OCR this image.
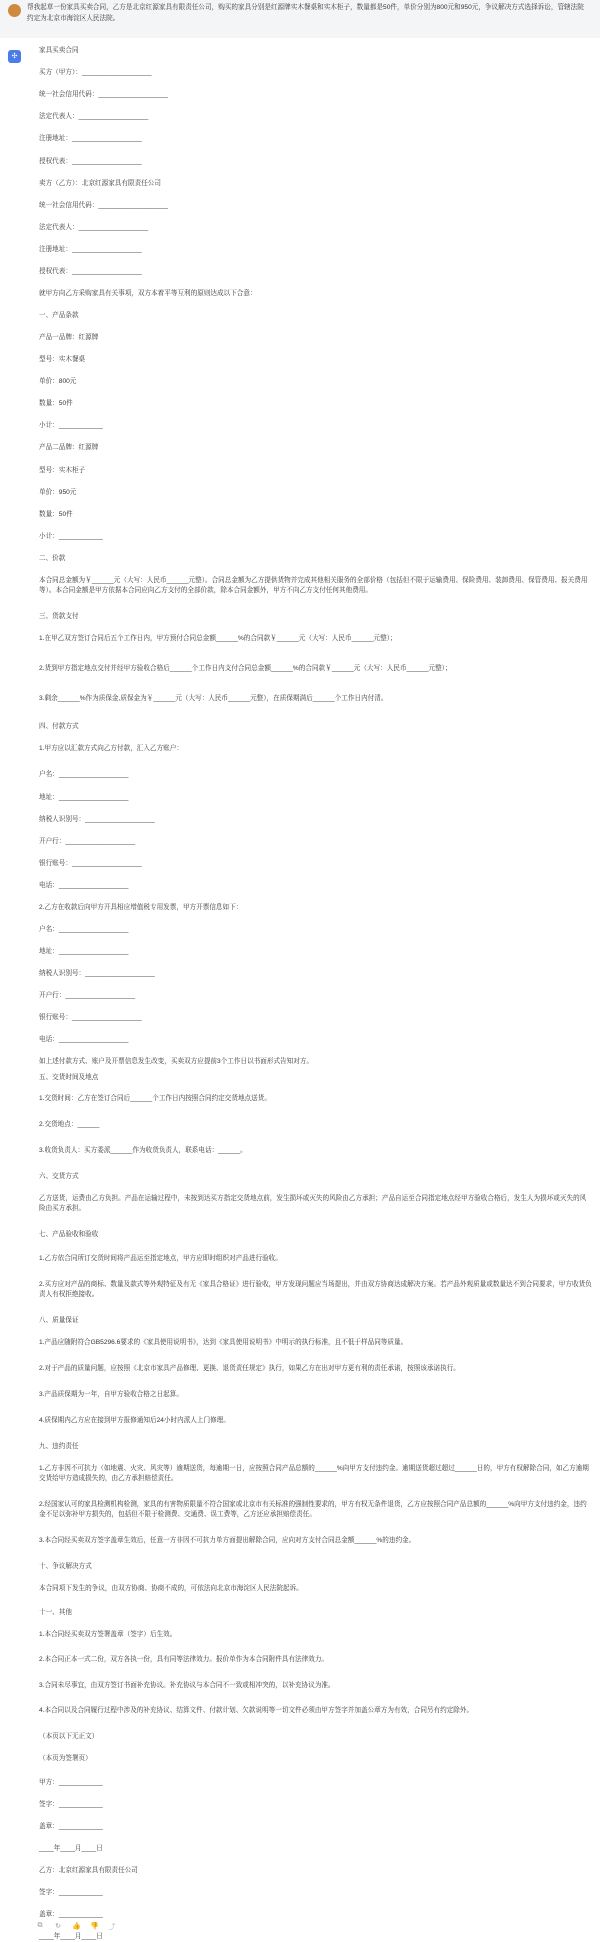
帮我起草一份家具买卖合同，乙方是北京红源家具有限责任公司，购买的家具分别是红源牌实木餐桌和实木柜子，数量都是50件，单价分别为800元和950元，争议解决方式选择诉讼，管辖法院约定为北京市海淀区人民法院。
✣

家具买卖合同

买方（甲方）：___________________

统一社会信用代码：___________________

法定代表人：___________________

注册地址：___________________

授权代表：___________________

卖方（乙方）：北京红源家具有限责任公司

统一社会信用代码：___________________

法定代表人：___________________

注册地址：___________________

授权代表：___________________

就甲方向乙方采购家具有关事项，双方本着平等互利的原则达成以下合意：

一、产品条款

产品一品牌：红源牌

型号：实木餐桌

单价：800元

数量：50件

小计：____________

产品二品牌：红源牌

型号：实木柜子

单价：950元

数量：50件

小计：____________

二、价款

本合同总金额为￥______元（大写：人民币______元整）。合同总金额为乙方提供货物并完成其他相关服务的全部价格（包括但不限于运输费用、保险费用、装卸费用、保管费用、报关费用等）。本合同金额是甲方依据本合同应向乙方支付的全部价款，除本合同金额外，甲方不向乙方支付任何其他费用。

三、货款支付

1.在甲乙双方签订合同后五个工作日内，甲方预付合同总金额______%的合同款￥______元（大写：人民币______元整）；

2.货到甲方指定地点交付并经甲方验收合格后______个工作日内支付合同总金额______%的合同款￥______元（大写：人民币______元整）；

3.剩余______%作为质保金,质保金为￥______元（大写：人民币______元整），在质保期满后______个工作日内付清。

四、付款方式

1.甲方应以汇款方式向乙方付款，汇入乙方账户：

户名：___________________

地址：___________________

纳税人识别号：___________________

开户行：___________________

银行账号：___________________

电话：___________________

2.乙方在收款后向甲方开具相应增值税专用发票，甲方开票信息如下：

户名：___________________

地址：___________________

纳税人识别号：___________________

开户行：___________________

银行账号：___________________

电话：___________________

如上述付款方式、账户及开票信息发生改变，买卖双方应提前3个工作日以书面形式告知对方。

五、交货时间及地点

1.交货时间：乙方在签订合同后______个工作日内按照合同约定交货地点送货。

2.交货地点：______

3.收货负责人：买方委派______作为收货负责人，联系电话：______。

六、交货方式

乙方送货，运费由乙方负担。产品在运输过程中，未按到达买方指定交货地点前，发生损坏或灭失的风险由乙方承担；产品自运至合同指定地点经甲方验收合格后，发生人为损坏或灭失的风险由买方承担。

七、产品验收和验收

1.乙方依合同所订交货时间将产品运至指定地点，甲方应即时组织对产品进行验收。

2.买方应对产品的商标、数量及款式等外观特征及有无《家具合格证》进行验收，甲方发现问题应当场提出，并由双方协商达成解决方案。若产品外观质量或数量达不到合同要求，甲方收货负责人有权拒绝接收。

八、质量保证

1.产品应随附符合GB5296.6要求的《家具使用说明书》，达到《家具使用说明书》中明示的执行标准，且不低于样品同等质量。

2.对于产品的质量问题，应按照《北京市家具产品修理、更换、退货责任规定》执行，如果乙方在出对甲方更有利的责任承诺，按照该承诺执行。

3.产品质保期为一年，自甲方验收合格之日起算。

4.质保期内乙方应在接到甲方报修通知后24小时内派人上门修理。

九、违约责任

1.乙方非因不可抗力（如地震、火灾、风灾等）逾期送货，每逾期一日，应按照合同产品总额的______%向甲方支付违约金。逾期送货超过超过______日的，甲方有权解除合同，如乙方逾期交货给甲方造成损失的，由乙方承担赔偿责任。

2.经国家认可的家具检测机构检测，家具的有害物质限量不符合国家或北京市有关标准的强制性要求的，甲方有权无条件退货，乙方应按照合同产品总额的______%向甲方支付违约金，违约金不足以弥补甲方损失的，包括但不限于检测费、交通费、误工费等，乙方还应承担赔偿责任。

3.本合同经买卖双方签字盖章生效后，任意一方非因不可抗力单方面提出解除合同，应向对方支付合同总金额______%的违约金。

十、争议解决方式

本合同项下发生的争议，由双方协商、协商不成的，可依法向北京市海淀区人民法院起诉。

十一、其他

1.本合同经买卖双方签署盖章（签字）后生效。

2.本合同正本一式二份，双方各执一份，具有同等法律效力。报价单作为本合同附件具有法律效力。

3.合同未尽事宜，由双方签订书面补充协议。补充协议与本合同不一致或相冲突的，以补充协议为准。

4.本合同以及合同履行过程中涉及的补充协议、结算文件、付款计划、欠款说明等一切文件必须由甲方签字并加盖公章方为有效，合同另有约定除外。

（本页以下无正文）

（本页为签署页）

甲方：____________

签字：____________

盖章：____________

____年____月____日

乙方：北京红源家具有限责任公司

签字：____________

盖章：____________

____年____月____日

⧉ ↻ 👍 👎 ⤴
